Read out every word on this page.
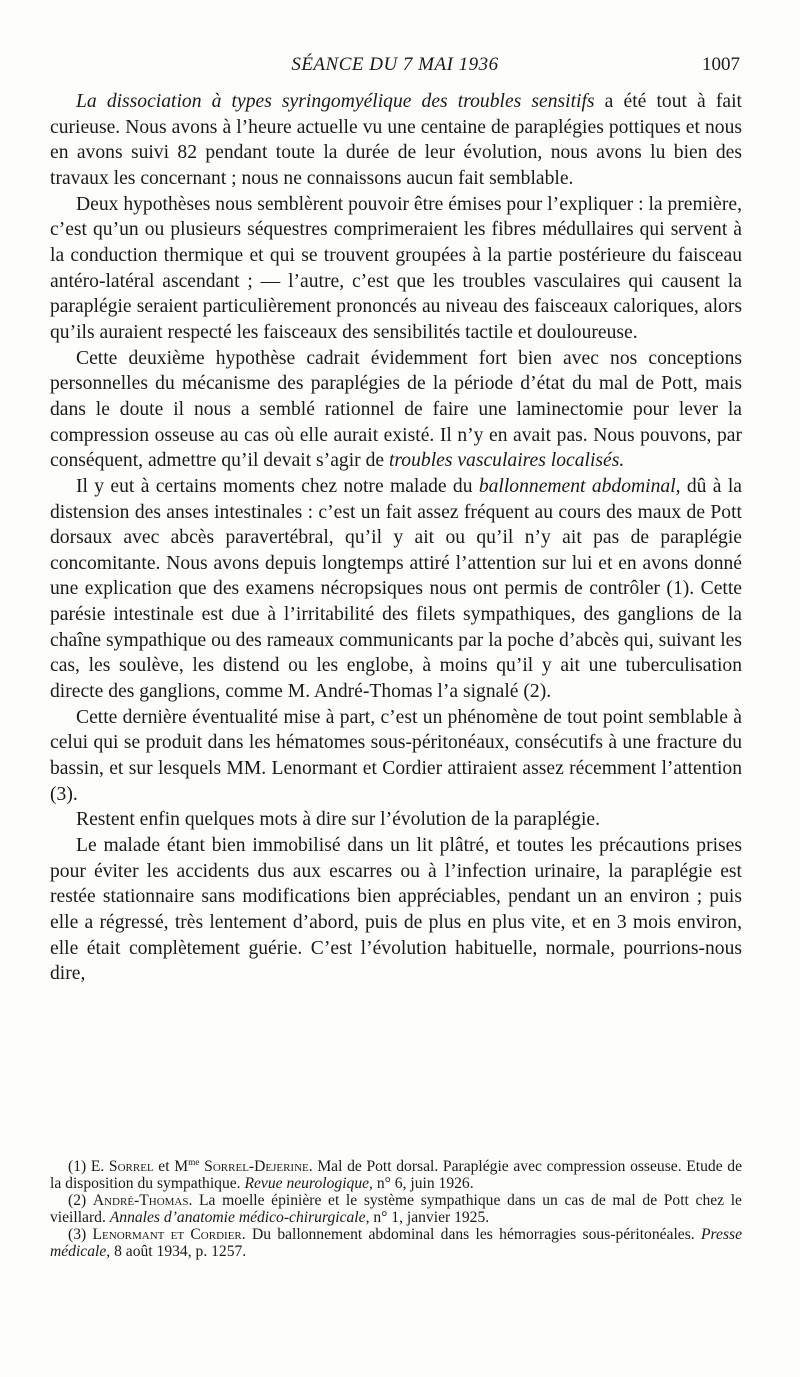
SÉANCE DU 7 MAI 1936	1007

La dissociation à types syringomyélique des troubles sensitifs a été tout à fait curieuse. Nous avons à l’heure actuelle vu une centaine de paraplégies pottiques et nous en avons suivi 82 pendant toute la durée de leur évolution, nous avons lu bien des travaux les concernant ; nous ne connaissons aucun fait semblable.

Deux hypothèses nous semblèrent pouvoir être émises pour l’expliquer : la première, c’est qu’un ou plusieurs séquestres comprimeraient les fibres médullaires qui servent à la conduction thermique et qui se trouvent groupées à la partie postérieure du faisceau antéro-latéral ascendant ; — l’autre, c’est que les troubles vasculaires qui causent la paraplégie seraient particulièrement prononcés au niveau des faisceaux caloriques, alors qu’ils auraient respecté les faisceaux des sensibilités tactile et douloureuse.

Cette deuxième hypothèse cadrait évidemment fort bien avec nos conceptions personnelles du mécanisme des paraplégies de la période d’état du mal de Pott, mais dans le doute il nous a semblé rationnel de faire une laminectomie pour lever la compression osseuse au cas où elle aurait existé. Il n’y en avait pas. Nous pouvons, par conséquent, admettre qu’il devait s’agir de troubles vasculaires localisés.

Il y eut à certains moments chez notre malade du ballonnement abdominal, dû à la distension des anses intestinales : c’est un fait assez fréquent au cours des maux de Pott dorsaux avec abcès paravertébral, qu’il y ait ou qu’il n’y ait pas de paraplégie concomitante. Nous avons depuis longtemps attiré l’attention sur lui et en avons donné une explication que des examens nécropsiques nous ont permis de contrôler (1). Cette parésie intestinale est due à l’irritabilité des filets sympathiques, des ganglions de la chaîne sympathique ou des rameaux communicants par la poche d’abcès qui, suivant les cas, les soulève, les distend ou les englobe, à moins qu’il y ait une tuberculisation directe des ganglions, comme M. André-Thomas l’a signalé (2).

Cette dernière éventualité mise à part, c’est un phénomène de tout point semblable à celui qui se produit dans les hématomes sous-péritonéaux, consécutifs à une fracture du bassin, et sur lesquels MM. Lenormant et Cordier attiraient assez récemment l’attention (3).

Restent enfin quelques mots à dire sur l’évolution de la paraplégie.

Le malade étant bien immobilisé dans un lit plâtré, et toutes les précautions prises pour éviter les accidents dus aux escarres ou à l’infection urinaire, la paraplégie est restée stationnaire sans modifications bien appréciables, pendant un an environ ; puis elle a régressé, très lentement d’abord, puis de plus en plus vite, et en 3 mois environ, elle était complètement guérie. C’est l’évolution habituelle, normale, pourrions-nous dire,

(1) E. Sorrel et $M^{me}$ Sorrel-Dejerine. Mal de Pott dorsal. Paraplégie avec compression osseuse. Etude de la disposition du sympathique. Revue neurologique, n° 6, juin 1926.

(2) André-Thomas. La moelle épinière et le système sympathique dans un cas de mal de Pott chez le vieillard. Annales d’anatomie médico-chirurgicale, n° 1, janvier 1925.

(3) Lenormant et Cordier. Du ballonnement abdominal dans les hémorragies sous-péritonéales. Presse médicale, 8 août 1934, p. 1257.
